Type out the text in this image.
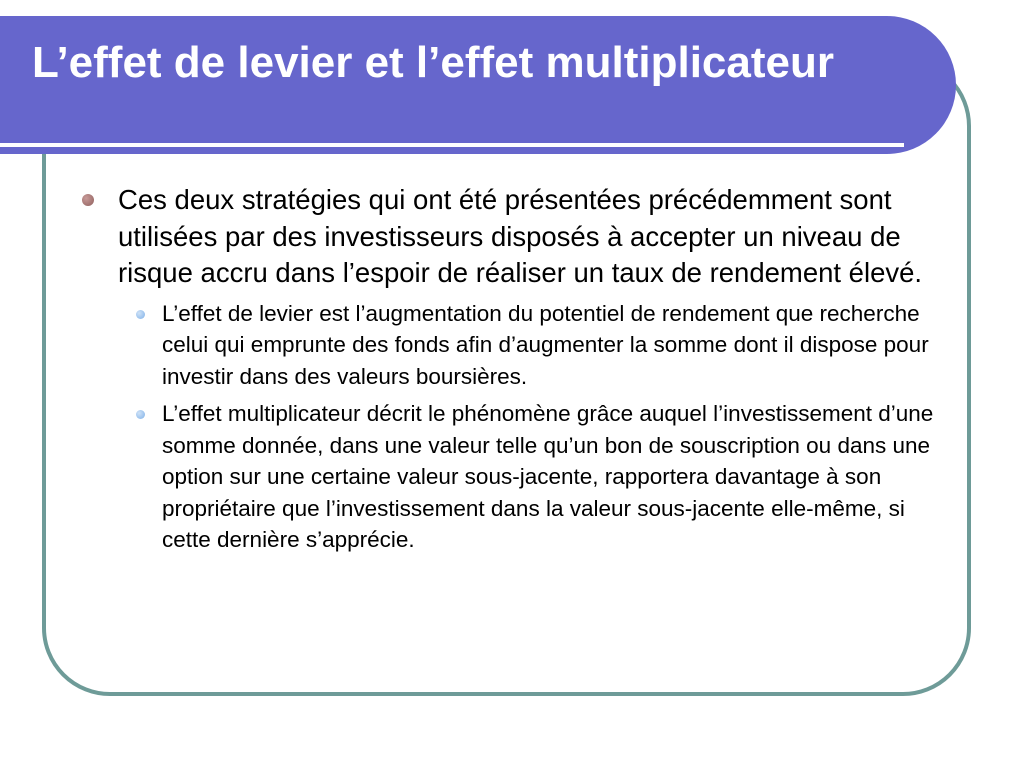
L’effet de levier et l’effet multiplicateur
Ces deux stratégies qui ont été présentées précédemment sont utilisées par des investisseurs disposés à accepter un niveau de risque accru dans l’espoir de réaliser un taux de rendement élevé.
L’effet de levier est l’augmentation du potentiel de rendement que recherche celui qui emprunte des fonds afin d’augmenter la somme dont il dispose pour investir dans des valeurs boursières.
L’effet multiplicateur décrit le phénomène grâce auquel l’investissement d’une somme donnée, dans une valeur telle qu’un bon de souscription ou dans une option sur une certaine valeur sous-jacente, rapportera davantage à son propriétaire que l’investissement dans la valeur sous-jacente elle-même, si cette dernière s’apprécie.
